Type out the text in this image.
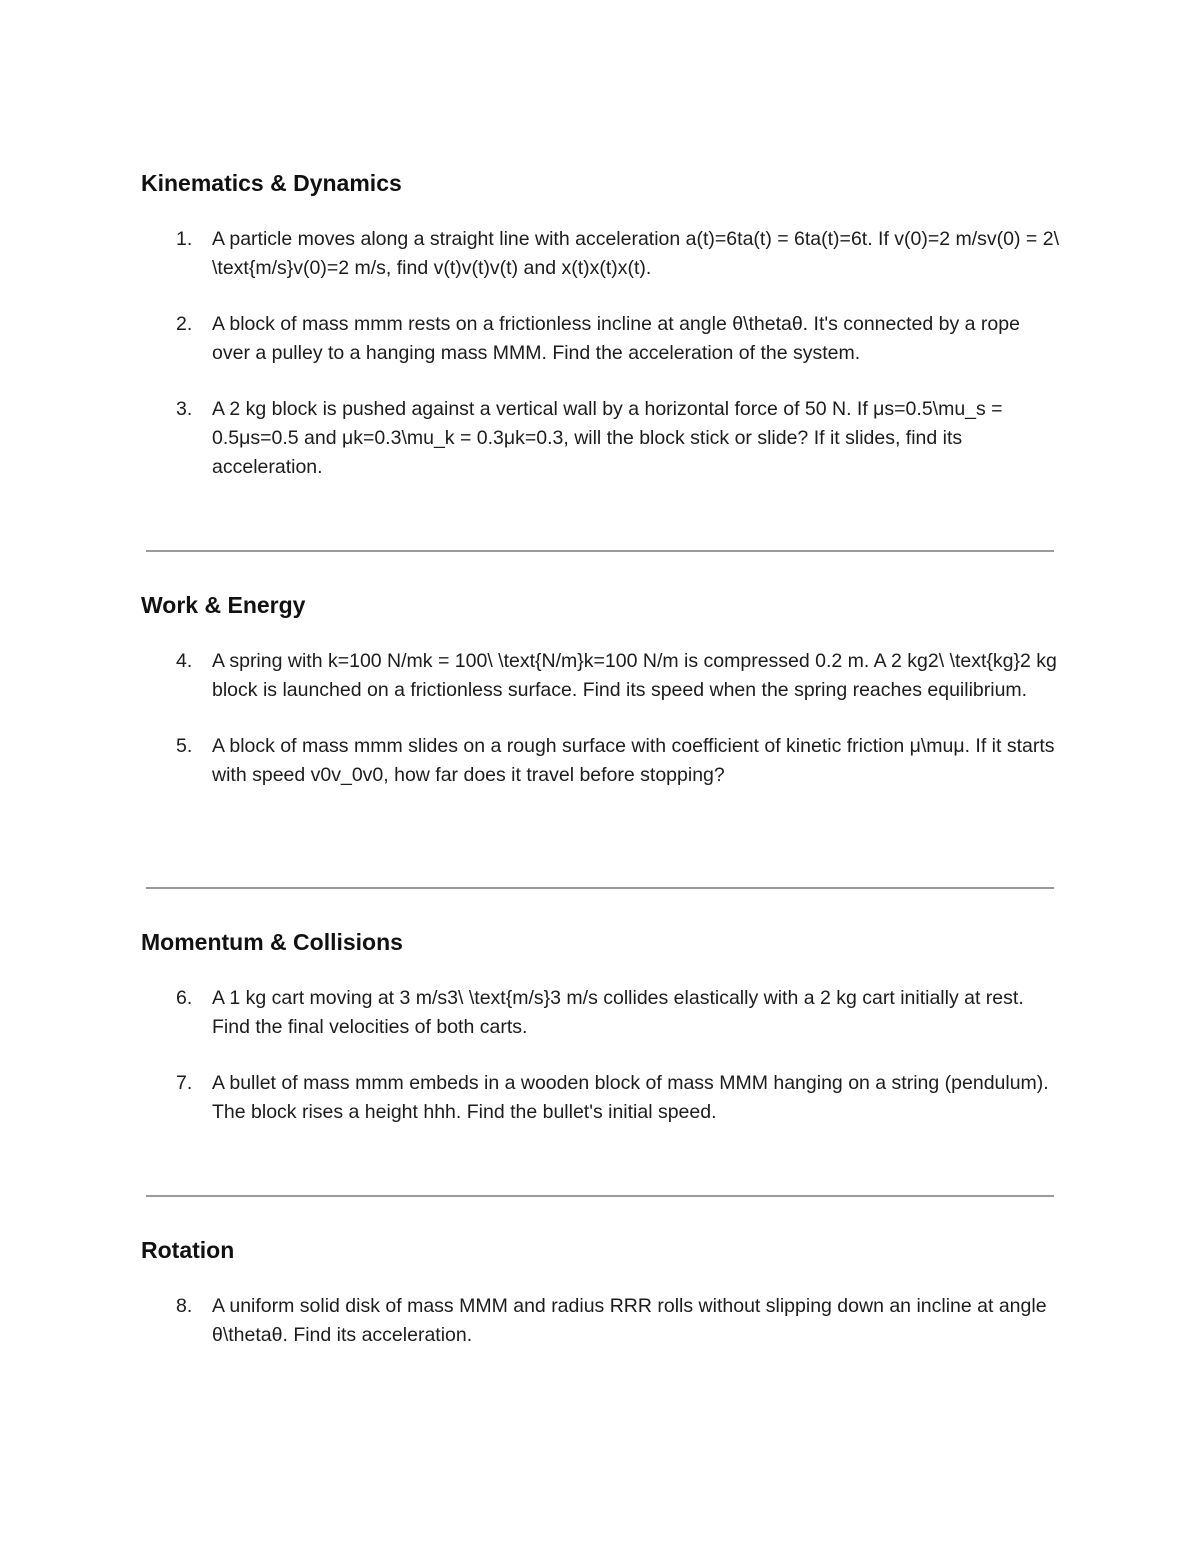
Kinematics & Dynamics
1. A particle moves along a straight line with acceleration a(t)=6ta(t) = 6ta(t)=6t. If v(0)=2 m/sv(0) = 2\ \text{m/s}v(0)=2 m/s, find v(t)v(t)v(t) and x(t)x(t)x(t).
2. A block of mass mmm rests on a frictionless incline at angle θ\thetaθ. It's connected by a rope over a pulley to a hanging mass MMM. Find the acceleration of the system.
3. A 2 kg block is pushed against a vertical wall by a horizontal force of 50 N. If μs=0.5\mu_s = 0.5μs=0.5 and μk=0.3\mu_k = 0.3μk=0.3, will the block stick or slide? If it slides, find its acceleration.
Work & Energy
4. A spring with k=100 N/mk = 100\ \text{N/m}k=100 N/m is compressed 0.2 m. A 2 kg2\ \text{kg}2 kg block is launched on a frictionless surface. Find its speed when the spring reaches equilibrium.
5. A block of mass mmm slides on a rough surface with coefficient of kinetic friction μ\muμ. If it starts with speed v0v_0v0, how far does it travel before stopping?
Momentum & Collisions
6. A 1 kg cart moving at 3 m/s3\ \text{m/s}3 m/s collides elastically with a 2 kg cart initially at rest. Find the final velocities of both carts.
7. A bullet of mass mmm embeds in a wooden block of mass MMM hanging on a string (pendulum). The block rises a height hhh. Find the bullet's initial speed.
Rotation
8. A uniform solid disk of mass MMM and radius RRR rolls without slipping down an incline at angle θ\thetaθ. Find its acceleration.
